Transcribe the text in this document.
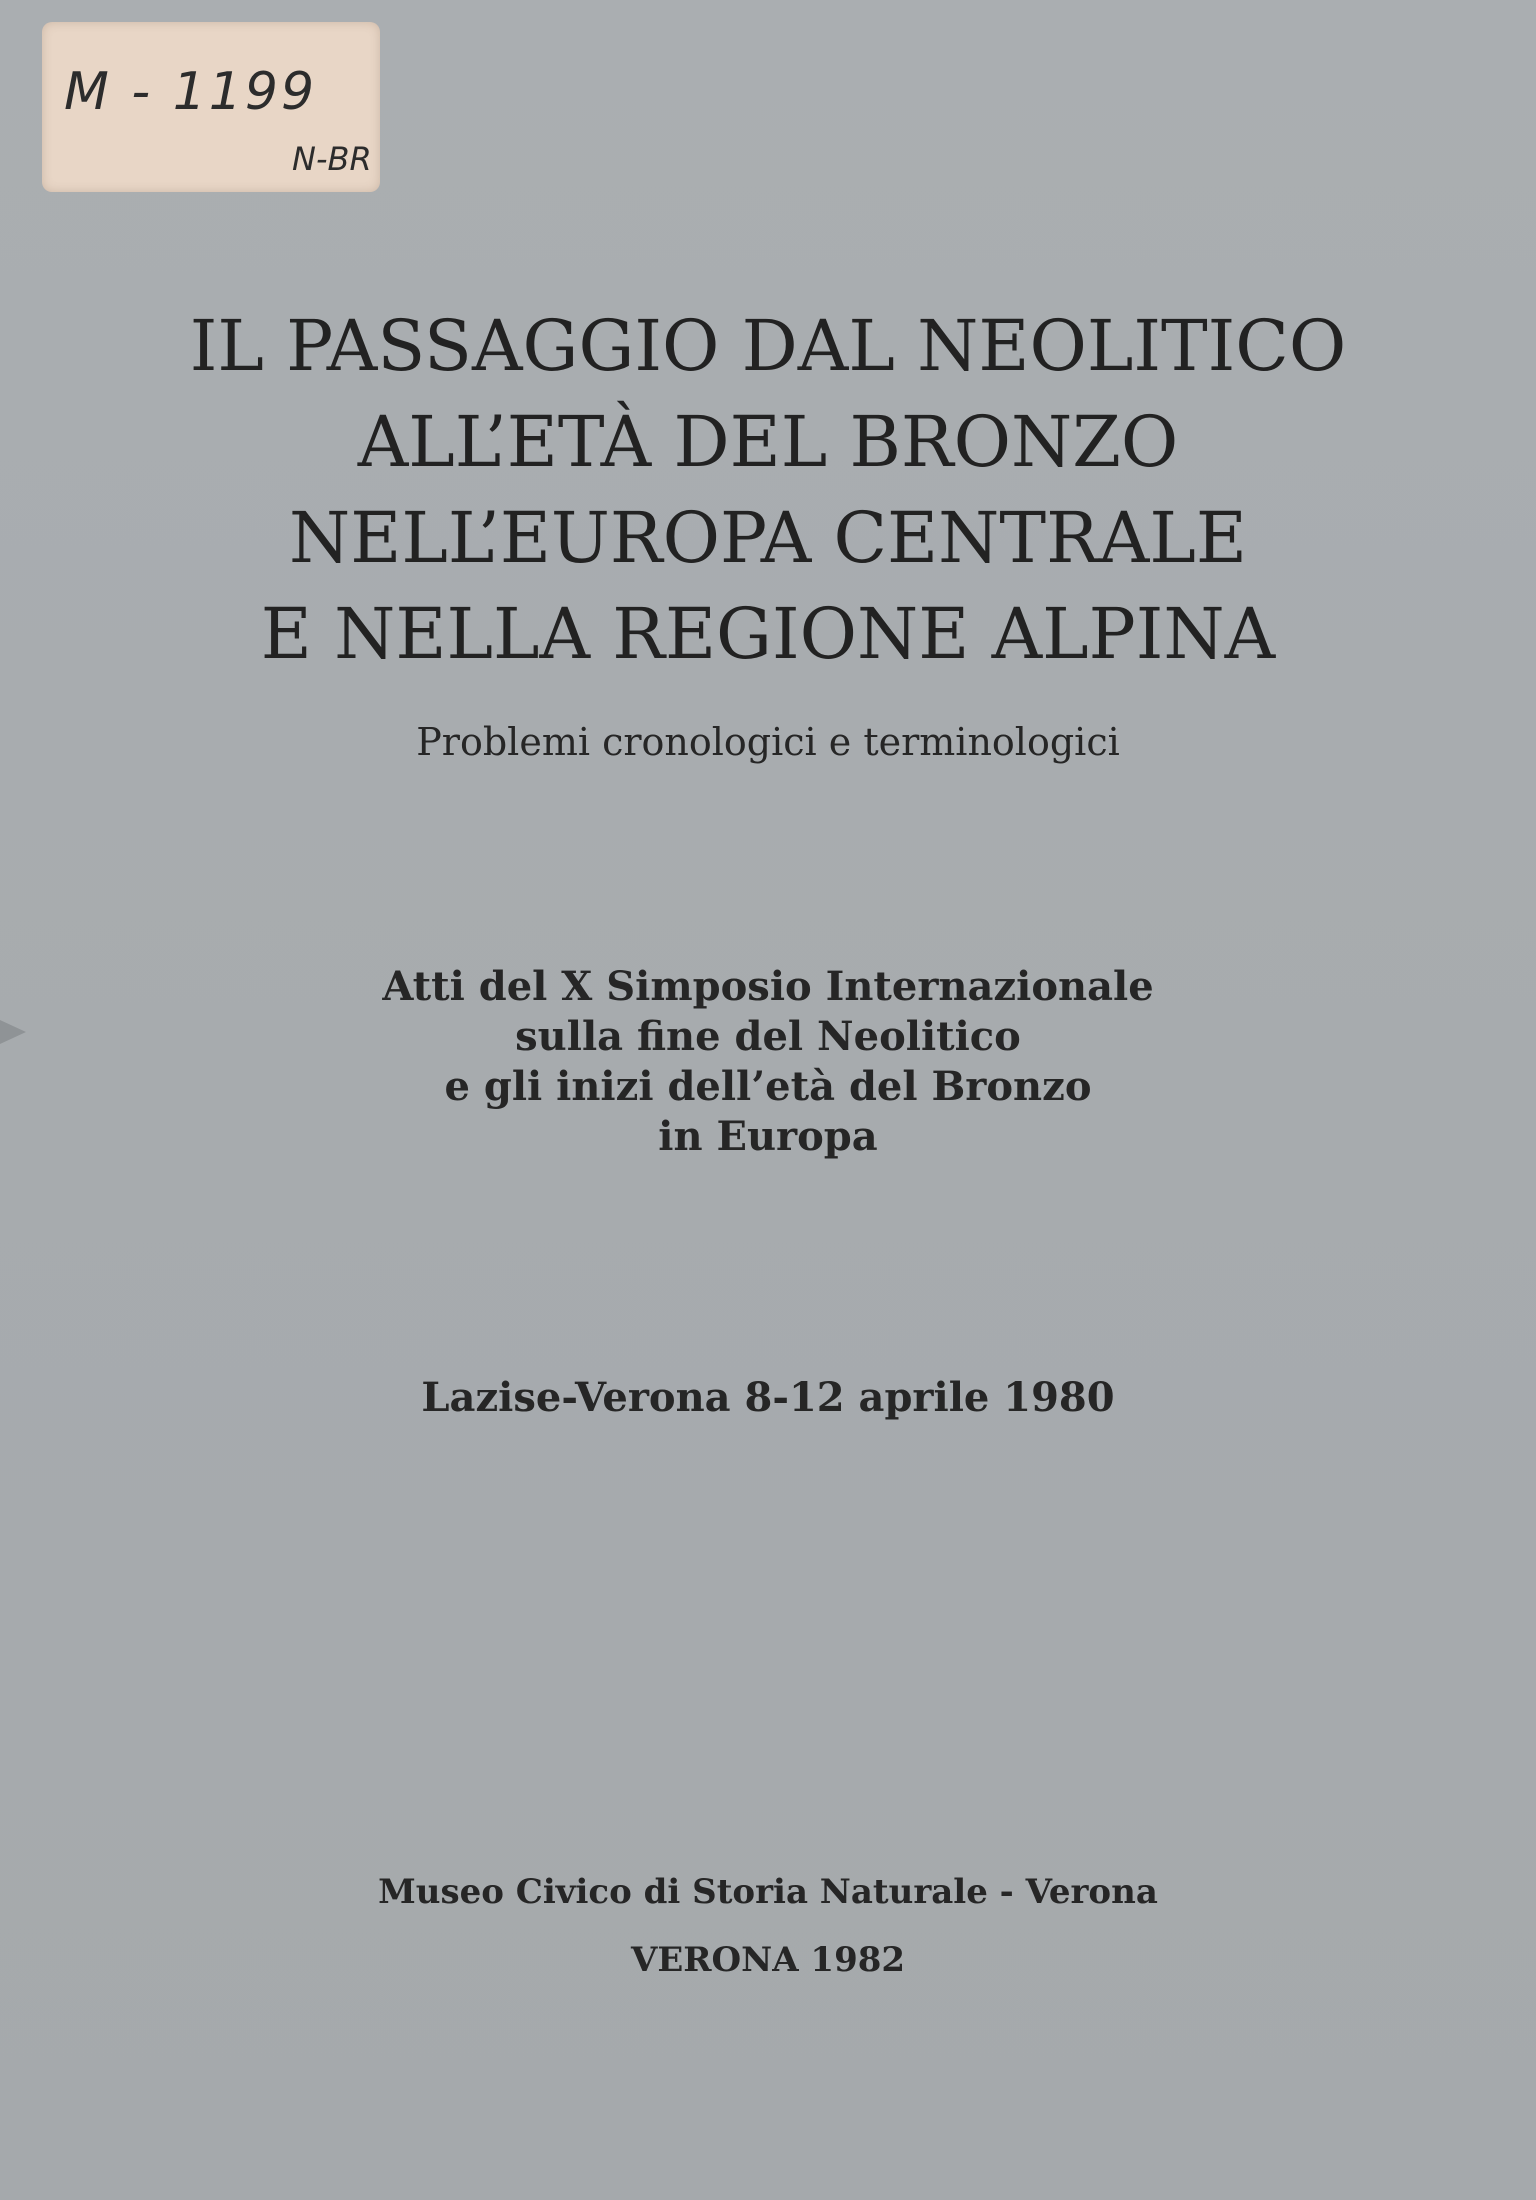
M - 1199
N-BR
IL PASSAGGIO DAL NEOLITICO
ALL’ETÀ DEL BRONZO
NELL’EUROPA CENTRALE
E NELLA REGIONE ALPINA
Problemi cronologici e terminologici
Atti del X Simposio Internazionale
sulla fine del Neolitico
e gli inizi dell’età del Bronzo
in Europa
Lazise-Verona 8-12 aprile 1980
Museo Civico di Storia Naturale - Verona
VERONA 1982
